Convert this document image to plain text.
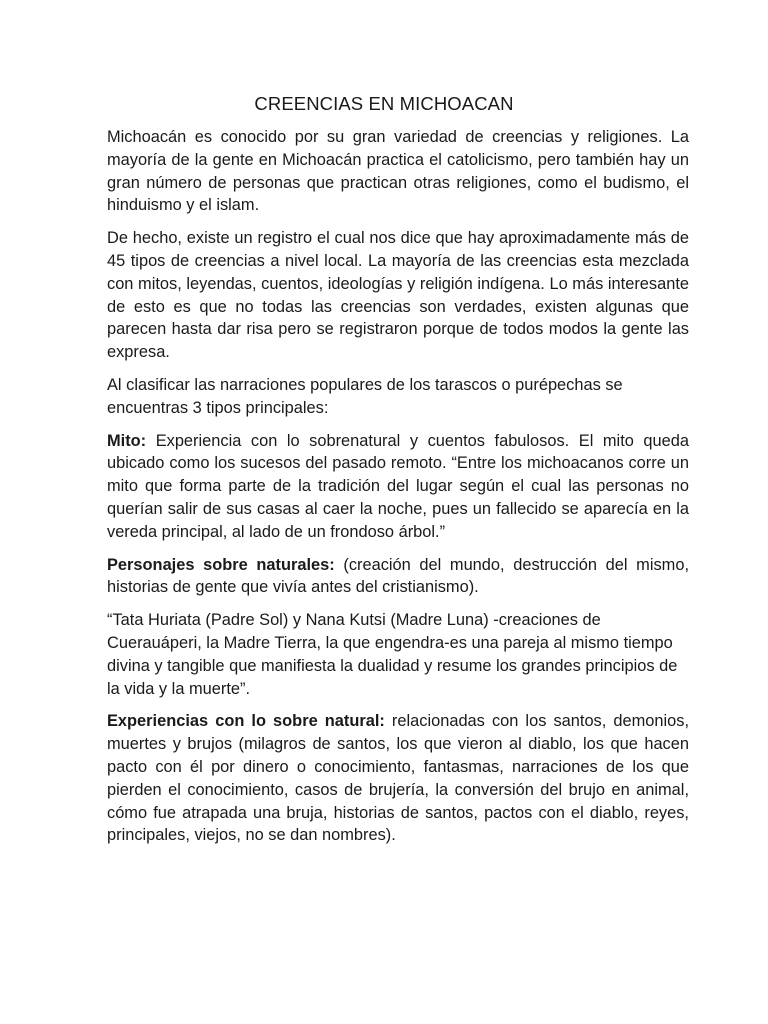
CREENCIAS EN MICHOACAN

Michoacán es conocido por su gran variedad de creencias y religiones. La mayoría de la gente en Michoacán practica el catolicismo, pero también hay un gran número de personas que practican otras religiones, como el budismo, el hinduismo y el islam.

De hecho, existe un registro el cual nos dice que hay aproximadamente más de 45 tipos de creencias a nivel local. La mayoría de las creencias esta mezclada con mitos, leyendas, cuentos, ideologías y religión indígena. Lo más interesante de esto es que no todas las creencias son verdades, existen algunas que parecen hasta dar risa pero se registraron porque de todos modos la gente las expresa.

Al clasificar las narraciones populares de los tarascos o purépechas se encuentras 3 tipos principales:

Mito: Experiencia con lo sobrenatural y cuentos fabulosos. El mito queda ubicado como los sucesos del pasado remoto. “Entre los michoacanos corre un mito que forma parte de la tradición del lugar según el cual las personas no querían salir de sus casas al caer la noche, pues un fallecido se aparecía en la vereda principal, al lado de un frondoso árbol.”

Personajes sobre naturales: (creación del mundo, destrucción del mismo, historias de gente que vivía antes del cristianismo).

“Tata Huriata (Padre Sol) y Nana Kutsi (Madre Luna) -creaciones de Cuerauáperi, la Madre Tierra, la que engendra-es una pareja al mismo tiempo divina y tangible que manifiesta la dualidad y resume los grandes principios de la vida y la muerte”.

Experiencias con lo sobre natural: relacionadas con los santos, demonios, muertes y brujos (milagros de santos, los que vieron al diablo, los que hacen pacto con él por dinero o conocimiento, fantasmas, narraciones de los que pierden el conocimiento, casos de brujería, la conversión del brujo en animal, cómo fue atrapada una bruja, historias de santos, pactos con el diablo, reyes, principales, viejos, no se dan nombres).
